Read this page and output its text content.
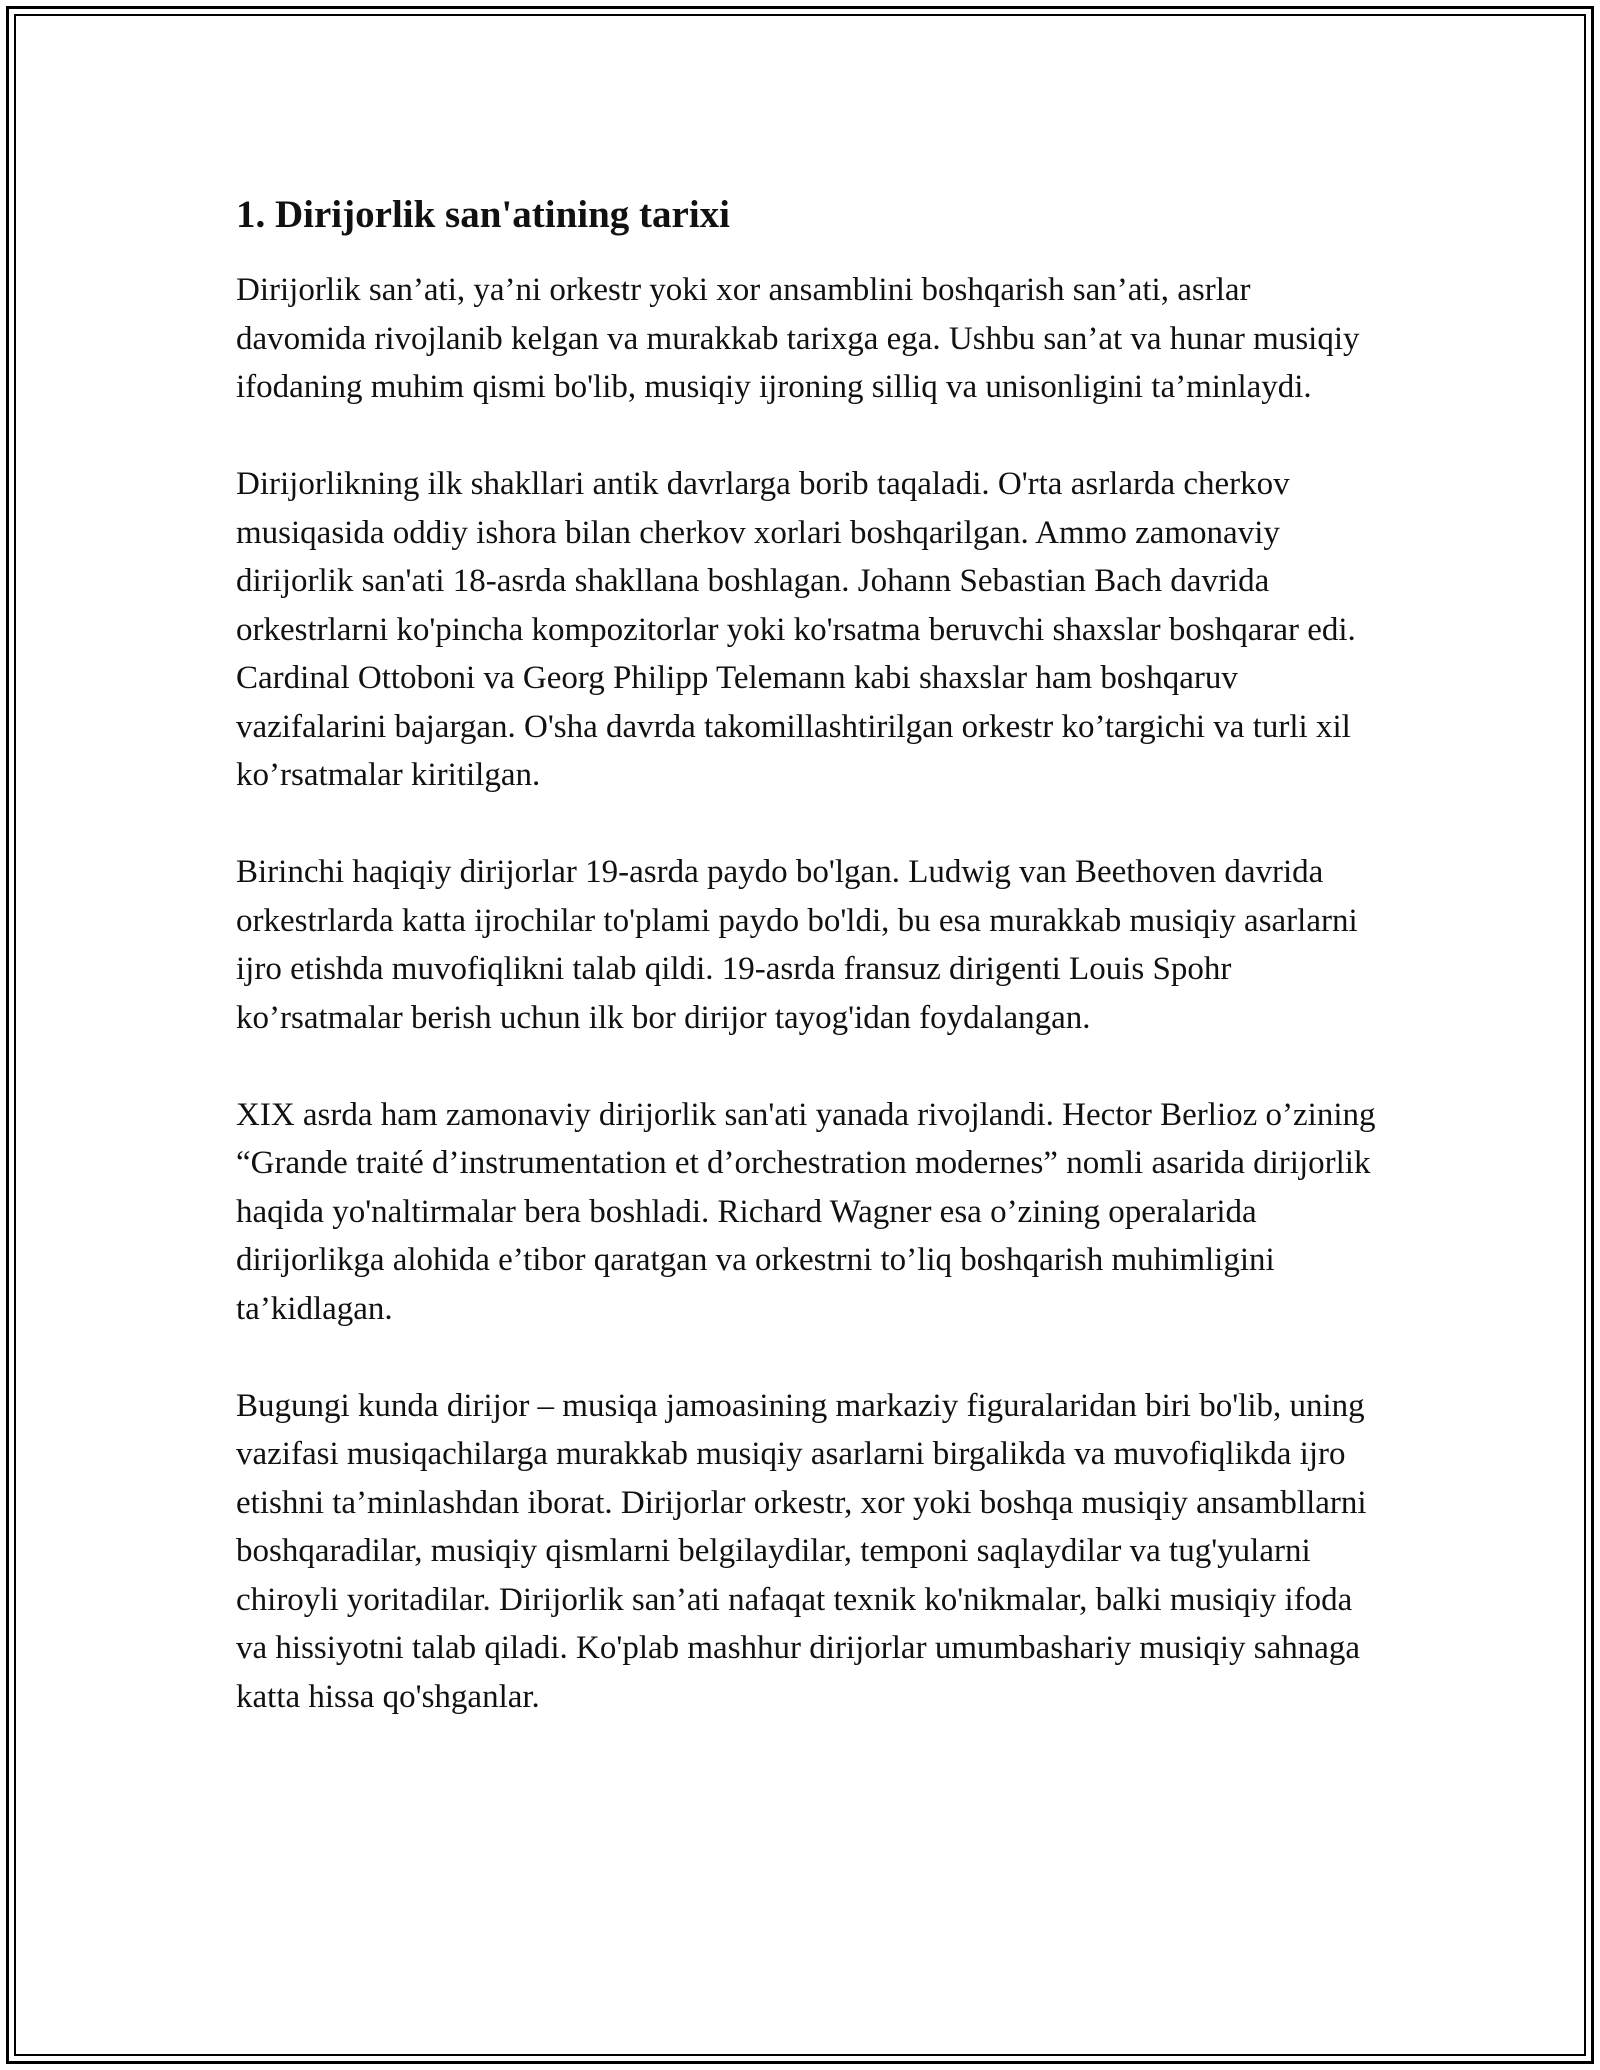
1. Dirijorlik san'atining tarixi

Dirijorlik san’ati, ya’ni orkestr yoki xor ansamblini boshqarish san’ati, asrlar davomida rivojlanib kelgan va murakkab tarixga ega. Ushbu san’at va hunar musiqiy ifodaning muhim qismi bo'lib, musiqiy ijroning silliq va unisonligini ta’minlaydi.

Dirijorlikning ilk shakllari antik davrlarga borib taqaladi. O'rta asrlarda cherkov musiqasida oddiy ishora bilan cherkov xorlari boshqarilgan. Ammo zamonaviy dirijorlik san'ati 18-asrda shakllana boshlagan. Johann Sebastian Bach davrida orkestrlarni ko'pincha kompozitorlar yoki ko'rsatma beruvchi shaxslar boshqarar edi. Cardinal Ottoboni va Georg Philipp Telemann kabi shaxslar ham boshqaruv vazifalarini bajargan. O'sha davrda takomillashtirilgan orkestr ko’targichi va turli xil ko’rsatmalar kiritilgan.

Birinchi haqiqiy dirijorlar 19-asrda paydo bo'lgan. Ludwig van Beethoven davrida orkestrlarda katta ijrochilar to'plami paydo bo'ldi, bu esa murakkab musiqiy asarlarni ijro etishda muvofiqlikni talab qildi. 19-asrda fransuz dirigenti Louis Spohr ko’rsatmalar berish uchun ilk bor dirijor tayog'idan foydalangan.

XIX asrda ham zamonaviy dirijorlik san'ati yanada rivojlandi. Hector Berlioz o’zining “Grande traité d’instrumentation et d’orchestration modernes” nomli asarida dirijorlik haqida yo'naltirmalar bera boshladi. Richard Wagner esa o’zining operalarida dirijorlikga alohida e’tibor qaratgan va orkestrni to’liq boshqarish muhimligini ta’kidlagan.

Bugungi kunda dirijor – musiqa jamoasining markaziy figuralaridan biri bo'lib, uning vazifasi musiqachilarga murakkab musiqiy asarlarni birgalikda va muvofiqlikda ijro etishni ta’minlashdan iborat. Dirijorlar orkestr, xor yoki boshqa musiqiy ansambllarni boshqaradilar, musiqiy qismlarni belgilaydilar, temponi saqlaydilar va tug'yularni chiroyli yoritadilar. Dirijorlik san’ati nafaqat texnik ko'nikmalar, balki musiqiy ifoda va hissiyotni talab qiladi. Ko'plab mashhur dirijorlar umumbashariy musiqiy sahnaga katta hissa qo'shganlar.
